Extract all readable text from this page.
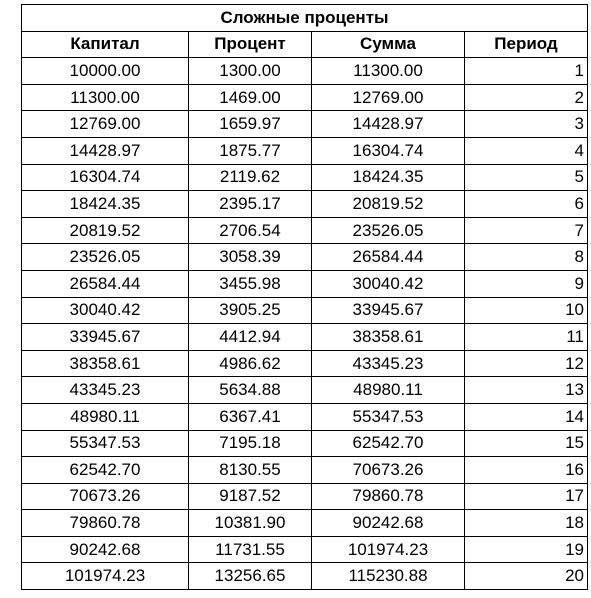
Сложные проценты			
Капитал	Процент	Сумма	Период
10000.00	1300.00	11300.00	1
11300.00	1469.00	12769.00	2
12769.00	1659.97	14428.97	3
14428.97	1875.77	16304.74	4
16304.74	2119.62	18424.35	5
18424.35	2395.17	20819.52	6
20819.52	2706.54	23526.05	7
23526.05	3058.39	26584.44	8
26584.44	3455.98	30040.42	9
30040.42	3905.25	33945.67	10
33945.67	4412.94	38358.61	11
38358.61	4986.62	43345.23	12
43345.23	5634.88	48980.11	13
48980.11	6367.41	55347.53	14
55347.53	7195.18	62542.70	15
62542.70	8130.55	70673.26	16
70673.26	9187.52	79860.78	17
79860.78	10381.90	90242.68	18
90242.68	11731.55	101974.23	19
101974.23	13256.65	115230.88	20
